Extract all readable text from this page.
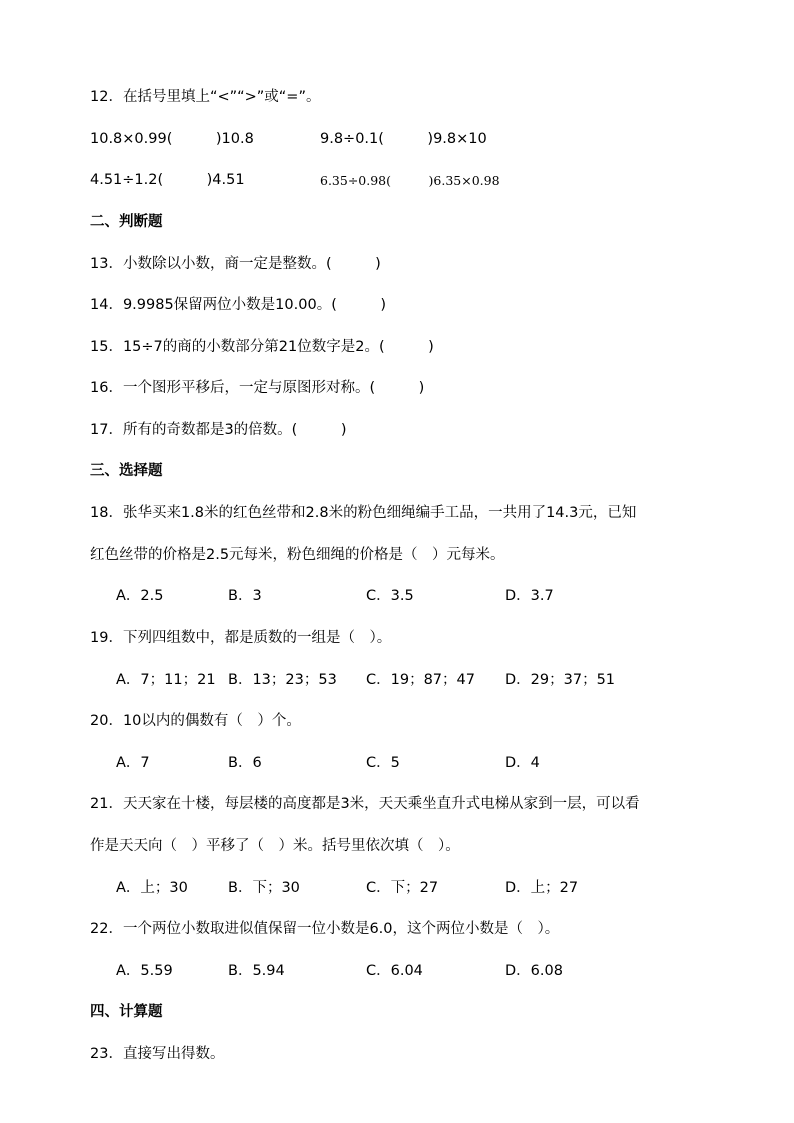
12．在括号里填上“<”“>”或“=”。
10.8×0.99(　　　)10.8	9.8÷0.1(　　　)9.8×10
4.51÷1.2(　　　)4.51	6.35÷0.98(　　　)6.35×0.98
二、判断题
13．小数除以小数，商一定是整数。(　　　)
14．9.9985保留两位小数是10.00。(　　　)
15．15÷7的商的小数部分第21位数字是2。(　　　)
16．一个图形平移后，一定与原图形对称。(　　　)
17．所有的奇数都是3的倍数。(　　　)
三、选择题
18．张华买来1.8米的红色丝带和2.8米的粉色细绳编手工品，一共用了14.3元，已知
红色丝带的价格是2.5元每米，粉色细绳的价格是（　）元每米。
A．2.5	B．3	C．3.5	D．3.7
19．下列四组数中，都是质数的一组是（　）。
A．7；11；21 B．13；23；53 C．19；87；47 D．29；37；51
20．10以内的偶数有（　）个。
A．7	B．6	C．5	D．4
21．天天家在十楼，每层楼的高度都是3米，天天乘坐直升式电梯从家到一层，可以看
作是天天向（　）平移了（　）米。括号里依次填（　）。
A．上；30	B．下；30	C．下；27	D．上；27
22．一个两位小数取进似值保留一位小数是6.0，这个两位小数是（　）。
A．5.59	B．5.94	C．6.04	D．6.08
四、计算题
23．直接写出得数。
